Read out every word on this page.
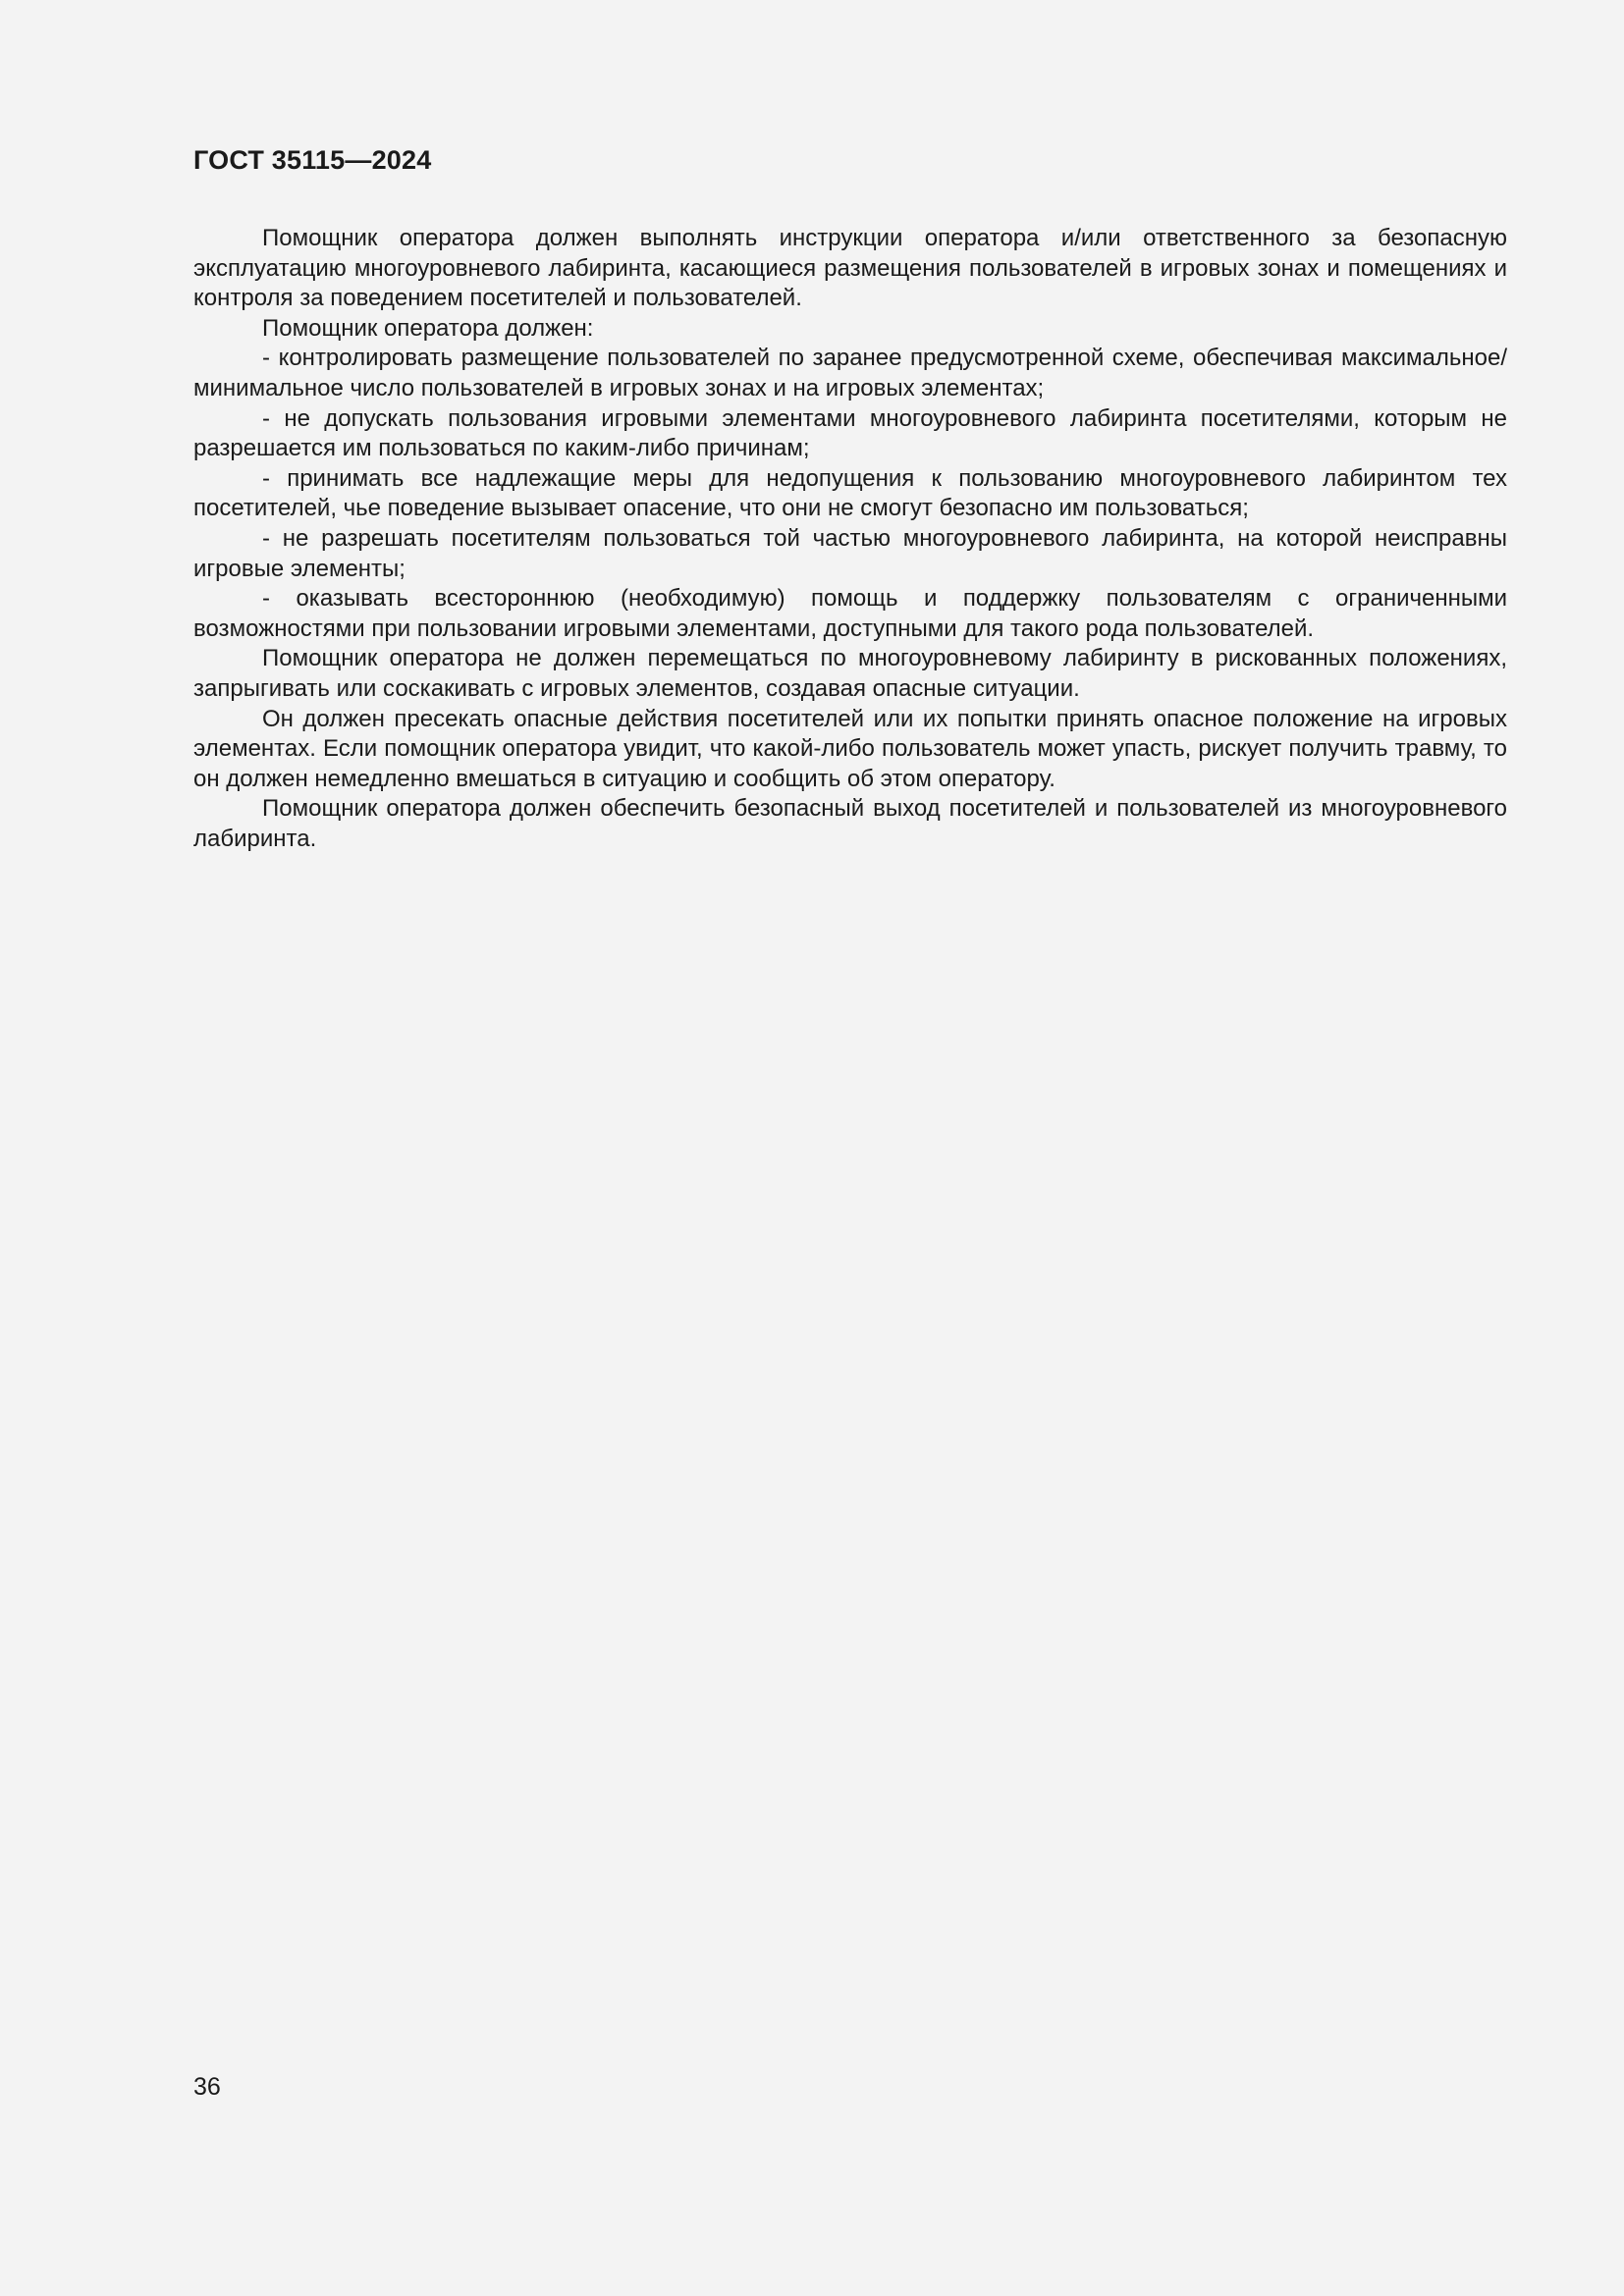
ГОСТ 35115—2024

Помощник оператора должен выполнять инструкции оператора и/или ответственного за безопасную эксплуатацию многоуровневого лабиринта, касающиеся размещения пользователей в игровых зонах и помещениях и контроля за поведением посетителей и пользователей.

Помощник оператора должен:

- контролировать размещение пользователей по заранее предусмотренной схеме, обеспечивая максимальное/минимальное число пользователей в игровых зонах и на игровых элементах;

- не допускать пользования игровыми элементами многоуровневого лабиринта посетителями, которым не разрешается им пользоваться по каким-либо причинам;

- принимать все надлежащие меры для недопущения к пользованию многоуровневого лабиринтом тех посетителей, чье поведение вызывает опасение, что они не смогут безопасно им пользоваться;

- не разрешать посетителям пользоваться той частью многоуровневого лабиринта, на которой неисправны игровые элементы;

- оказывать всестороннюю (необходимую) помощь и поддержку пользователям с ограниченными возможностями при пользовании игровыми элементами, доступными для такого рода пользователей.

Помощник оператора не должен перемещаться по многоуровневому лабиринту в рискованных положениях, запрыгивать или соскакивать с игровых элементов, создавая опасные ситуации.

Он должен пресекать опасные действия посетителей или их попытки принять опасное положение на игровых элементах. Если помощник оператора увидит, что какой-либо пользователь может упасть, рискует получить травму, то он должен немедленно вмешаться в ситуацию и сообщить об этом оператору.

Помощник оператора должен обеспечить безопасный выход посетителей и пользователей из многоуровневого лабиринта.

36
